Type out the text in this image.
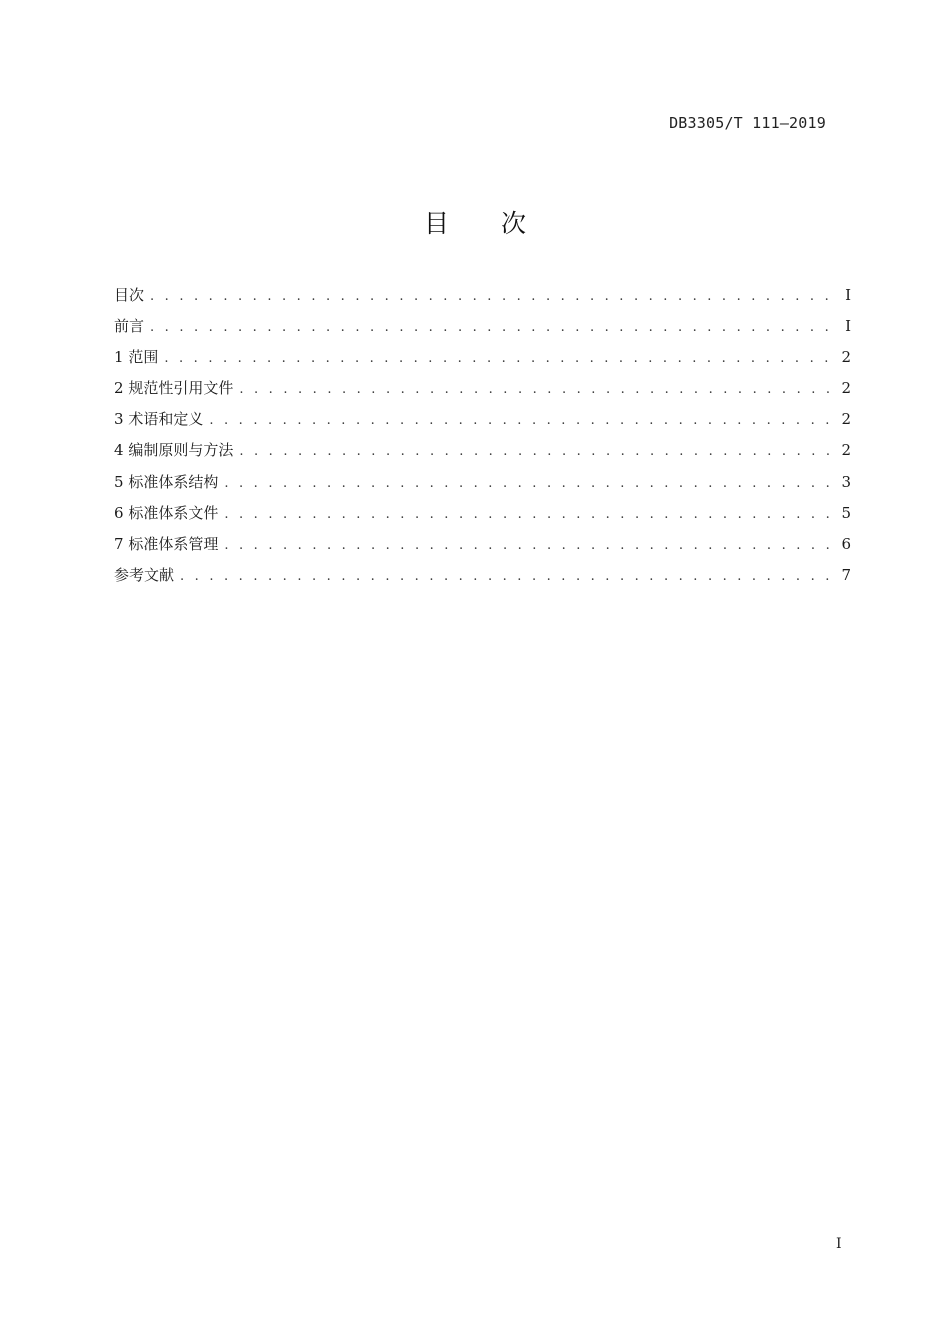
DB3305/T 111—2019
目次
目次 . . .	I
前言 . . .	I
1 范围 . . .	2
2 规范性引用文件 . . .	2
3 术语和定义 . . .	2
4 编制原则与方法 . . .	2
5 标准体系结构 . . .	3
6 标准体系文件 . . .	5
7 标准体系管理 . . .	6
参考文献 . . .	7
I
